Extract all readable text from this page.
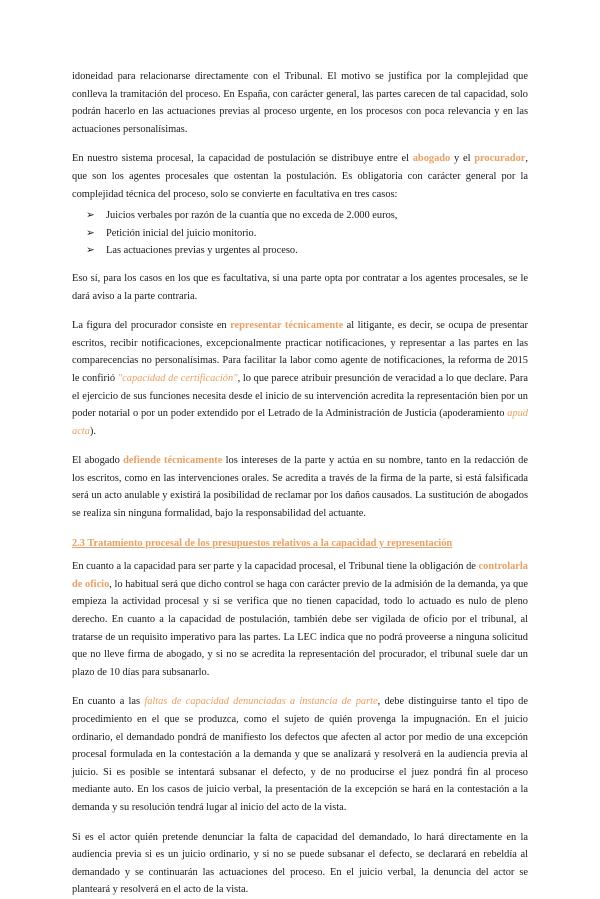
idoneidad para relacionarse directamente con el Tribunal. El motivo se justifica por la complejidad que conlleva la tramitación del proceso. En España, con carácter general, las partes carecen de tal capacidad, solo podrán hacerlo en las actuaciones previas al proceso urgente, en los procesos con poca relevancia y en las actuaciones personalísimas.

En nuestro sistema procesal, la capacidad de postulación se distribuye entre el abogado y el procurador, que son los agentes procesales que ostentan la postulación. Es obligatoria con carácter general por la complejidad técnica del proceso, solo se convierte en facultativa en tres casos:

➢	Juicios verbales por razón de la cuantía que no exceda de 2.000 euros,
➢	Petición inicial del juicio monitorio.
➢	Las actuaciones previas y urgentes al proceso.

Eso sí, para los casos en los que es facultativa, si una parte opta por contratar a los agentes procesales, se le dará aviso a la parte contraria.

La figura del procurador consiste en representar técnicamente al litigante, es decir, se ocupa de presentar escritos, recibir notificaciones, excepcionalmente practicar notificaciones, y representar a las partes en las comparecencias no personalísimas. Para facilitar la labor como agente de notificaciones, la reforma de 2015 le confirió "capacidad de certificación", lo que parece atribuir presunción de veracidad a lo que declare. Para el ejercicio de sus funciones necesita desde el inicio de su intervención acredita la representación bien por un poder notarial o por un poder extendido por el Letrado de la Administración de Justicia (apoderamiento apud acta).

El abogado defiende técnicamente los intereses de la parte y actúa en su nombre, tanto en la redacción de los escritos, como en las intervenciones orales. Se acredita a través de la firma de la parte, si está falsificada será un acto anulable y existirá la posibilidad de reclamar por los daños causados. La sustitución de abogados se realiza sin ninguna formalidad, bajo la responsabilidad del actuante.

2.3 Tratamiento procesal de los presupuestos relativos a la capacidad y representación

En cuanto a la capacidad para ser parte y la capacidad procesal, el Tribunal tiene la obligación de controlarla de oficio, lo habitual será que dicho control se haga con carácter previo de la admisión de la demanda, ya que empieza la actividad procesal y si se verifica que no tienen capacidad, todo lo actuado es nulo de pleno derecho. En cuanto a la capacidad de postulación, también debe ser vigilada de oficio por el tribunal, al tratarse de un requisito imperativo para las partes. La LEC indica que no podrá proveerse a ninguna solicitud que no lleve firma de abogado, y si no se acredita la representación del procurador, el tribunal suele dar un plazo de 10 días para subsanarlo.

En cuanto a las faltas de capacidad denunciadas a instancia de parte, debe distinguirse tanto el tipo de procedimiento en el que se produzca, como el sujeto de quién provenga la impugnación. En el juicio ordinario, el demandado pondrá de manifiesto los defectos que afecten al actor por medio de una excepción procesal formulada en la contestación a la demanda y que se analizará y resolverá en la audiencia previa al juicio. Si es posible se intentará subsanar el defecto, y de no producirse el juez pondrá fin al proceso mediante auto. En los casos de juicio verbal, la presentación de la excepción se hará en la contestación a la demanda y su resolución tendrá lugar al inicio del acto de la vista.

Si es el actor quién pretende denunciar la falta de capacidad del demandado, lo hará directamente en la audiencia previa si es un juicio ordinario, y si no se puede subsanar el defecto, se declarará en rebeldía al demandado y se continuarán las actuaciones del proceso. En el juicio verbal, la denuncia del actor se planteará y resolverá en el acto de la vista.
